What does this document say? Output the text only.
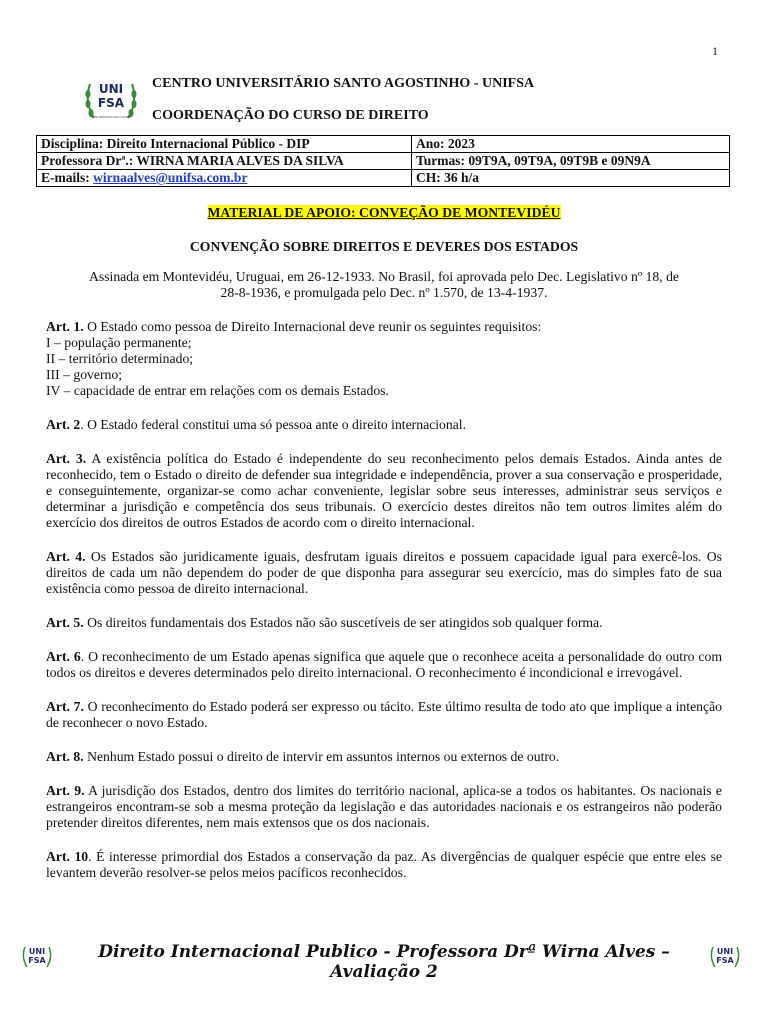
1
UNI
FSA
CENTRO UNIVERSITÁRIO SANTO AGOSTINHO
CENTRO UNIVERSITÁRIO SANTO AGOSTINHO - UNIFSA
COORDENAÇÃO DO CURSO DE DIREITO
Disciplina: Direito Internacional Público - DIP	Ano: 2023
Professora Drª.: WIRNA MARIA ALVES DA SILVA	Turmas: 09T9A, 09T9A, 09T9B e 09N9A
E-mails: wirnaalves@unifsa.com.br	CH: 36 h/a
MATERIAL DE APOIO: CONVEÇÃO DE MONTEVIDÉU
CONVENÇÃO SOBRE DIREITOS E DEVERES DOS ESTADOS
Assinada em Montevidéu, Uruguai, em 26-12-1933. No Brasil, foi aprovada pelo Dec. Legislativo nº 18, de
28-8-1936, e promulgada pelo Dec. nº 1.570, de 13-4-1937.
Art. 1. O Estado como pessoa de Direito Internacional deve reunir os seguintes requisitos:
I – população permanente;
II – território determinado;
III – governo;
IV – capacidade de entrar em relações com os demais Estados.
Art. 2. O Estado federal constitui uma só pessoa ante o direito internacional.
Art. 3. A existência política do Estado é independente do seu reconhecimento pelos demais Estados. Ainda antes de reconhecido, tem o Estado o direito de defender sua integridade e independência, prover a sua conservação e prosperidade, e conseguintemente, organizar-se como achar conveniente, legislar sobre seus interesses, administrar seus serviços e determinar a jurisdição e competência dos seus tribunais. O exercício destes direitos não tem outros limites além do exercício dos direitos de outros Estados de acordo com o direito internacional.
Art. 4. Os Estados são juridicamente iguais, desfrutam iguais direitos e possuem capacidade igual para exercê-los. Os direitos de cada um não dependem do poder de que disponha para assegurar seu exercício, mas do simples fato de sua existência como pessoa de direito internacional.
Art. 5. Os direitos fundamentais dos Estados não são suscetíveis de ser atingidos sob qualquer forma.
Art. 6. O reconhecimento de um Estado apenas significa que aquele que o reconhece aceita a personalidade do outro com todos os direitos e deveres determinados pelo direito internacional. O reconhecimento é incondicional e irrevogável.
Art. 7. O reconhecimento do Estado poderá ser expresso ou tácito. Este último resulta de todo ato que implique a intenção de reconhecer o novo Estado.
Art. 8. Nenhum Estado possui o direito de intervir em assuntos internos ou externos de outro.
Art. 9. A jurisdição dos Estados, dentro dos limites do território nacional, aplica-se a todos os habitantes. Os nacionais e estrangeiros encontram-se sob a mesma proteção da legislação e das autoridades nacionais e os estrangeiros não poderão pretender direitos diferentes, nem mais extensos que os dos nacionais.
Art. 10. É interesse primordial dos Estados a conservação da paz. As divergências de qualquer espécie que entre eles se levantem deverão resolver-se pelos meios pacíficos reconhecidos.
UNI
FSA	Direito Internacional Publico - Professora Drª Wirna Alves – Avaliação 2
UNI
FSA
